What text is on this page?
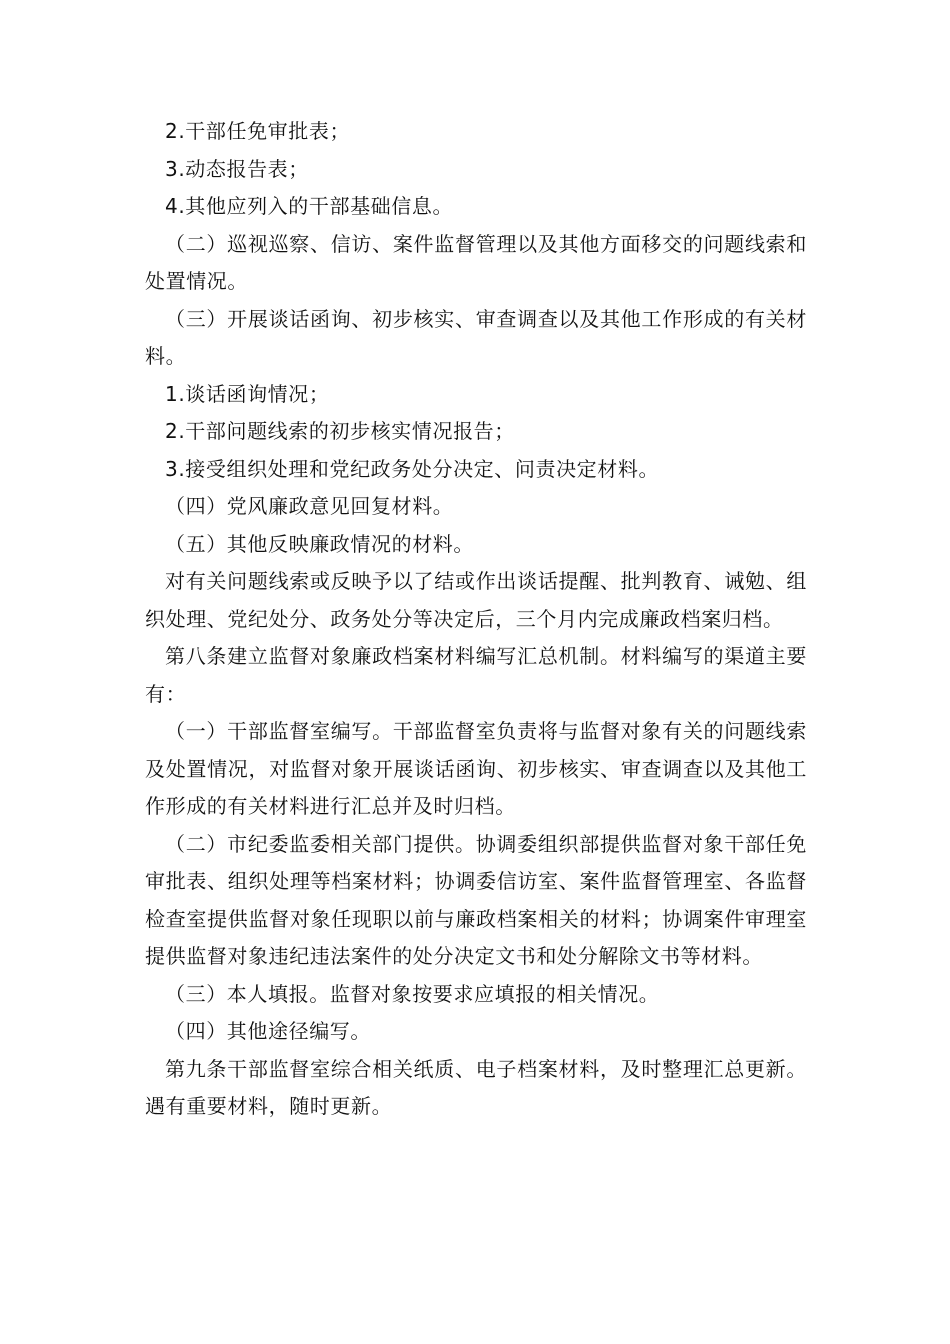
2.干部任免审批表；

3.动态报告表；

4.其他应列入的干部基础信息。

（二）巡视巡察、信访、案件监督管理以及其他方面移交的问题线索和处置情况。

（三）开展谈话函询、初步核实、审查调查以及其他工作形成的有关材料。

1.谈话函询情况；

2.干部问题线索的初步核实情况报告；

3.接受组织处理和党纪政务处分决定、问责决定材料。

（四）党风廉政意见回复材料。

（五）其他反映廉政情况的材料。

对有关问题线索或反映予以了结或作出谈话提醒、批判教育、诫勉、组织处理、党纪处分、政务处分等决定后，三个月内完成廉政档案归档。

第八条建立监督对象廉政档案材料编写汇总机制。材料编写的渠道主要有：

（一）干部监督室编写。干部监督室负责将与监督对象有关的问题线索及处置情况，对监督对象开展谈话函询、初步核实、审查调查以及其他工作形成的有关材料进行汇总并及时归档。

（二）市纪委监委相关部门提供。协调委组织部提供监督对象干部任免审批表、组织处理等档案材料；协调委信访室、案件监督管理室、各监督检查室提供监督对象任现职以前与廉政档案相关的材料；协调案件审理室提供监督对象违纪违法案件的处分决定文书和处分解除文书等材料。

（三）本人填报。监督对象按要求应填报的相关情况。

（四）其他途径编写。

第九条干部监督室综合相关纸质、电子档案材料，及时整理汇总更新。遇有重要材料，随时更新。
